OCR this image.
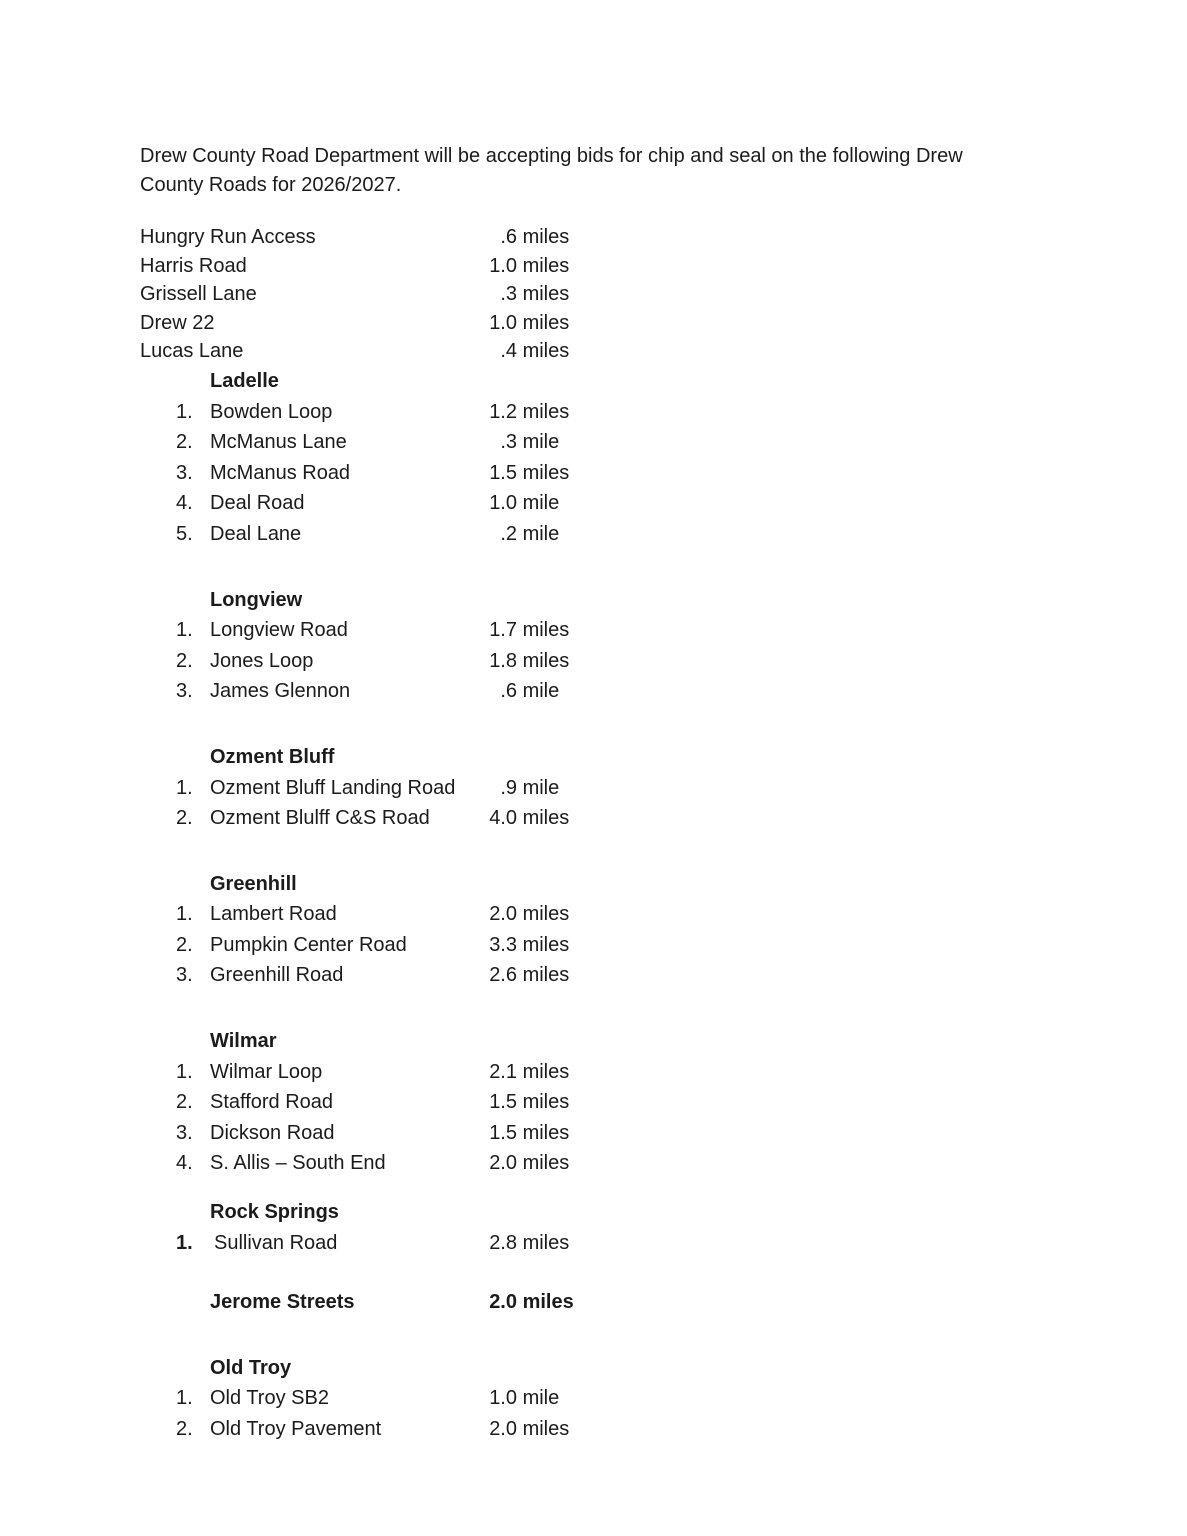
Drew County Road Department will be accepting bids for chip and seal on the following Drew
County Roads for 2026/2027.

Hungry Run Access	.6 miles
Harris Road	1.0 miles
Grissell Lane	.3 miles
Drew 22	1.0 miles
Lucas Lane	.4 miles
Ladelle
1. Bowden Loop	1.2 miles
2. McManus Lane	.3 mile
3. McManus Road	1.5 miles
4. Deal Road	1.0 mile
5. Deal Lane	.2 mile
Longview
1. Longview Road	1.7 miles
2. Jones Loop	1.8 miles
3. James Glennon	.6 mile
Ozment Bluff
1. Ozment Bluff Landing Road	.9 mile
2. Ozment Blulff C&S Road	4.0 miles
Greenhill
1. Lambert Road	2.0 miles
2. Pumpkin Center Road	3.3 miles
3. Greenhill Road	2.6 miles
Wilmar
1. Wilmar Loop	2.1 miles
2. Stafford Road	1.5 miles
3. Dickson Road	1.5 miles
4. S. Allis – South End	2.0 miles
Rock Springs
1. Sullivan Road	2.8 miles
Jerome Streets	2.0 miles
Old Troy
1. Old Troy SB2	1.0 mile
2. Old Troy Pavement	2.0 miles
